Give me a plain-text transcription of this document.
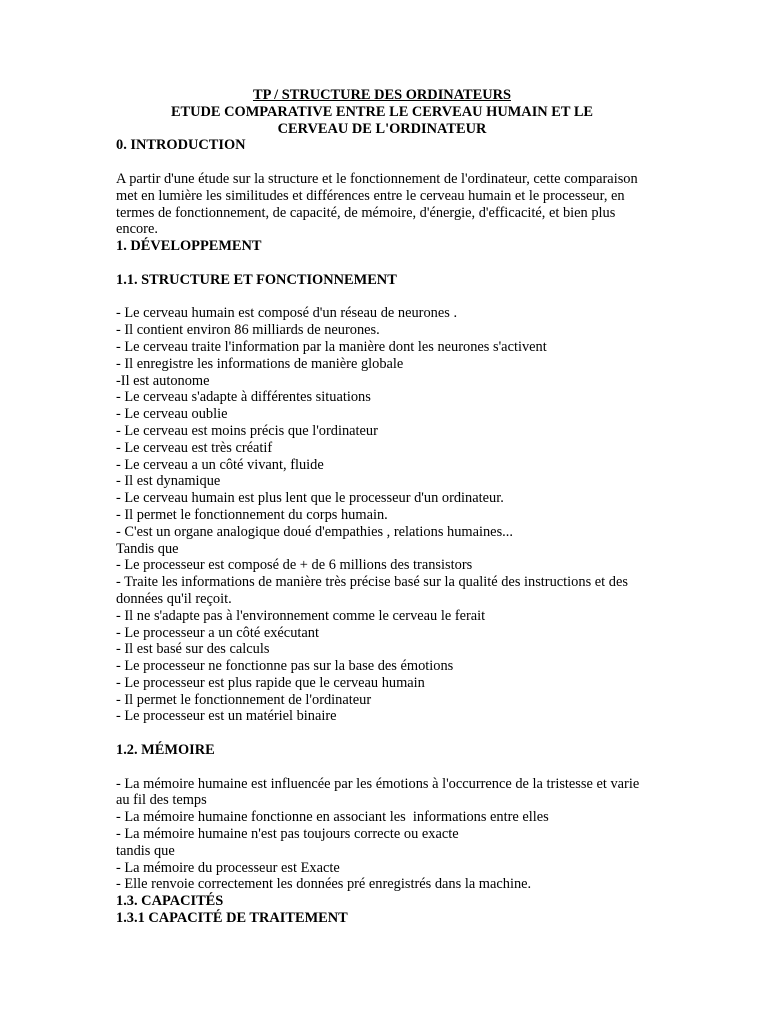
TP / STRUCTURE DES ORDINATEURS
ETUDE COMPARATIVE ENTRE LE CERVEAU HUMAIN ET LE
CERVEAU DE L'ORDINATEUR
0. INTRODUCTION
A partir d'une étude sur la structure et le fonctionnement de l'ordinateur, cette comparaison met en lumière les similitudes et différences entre le cerveau humain et le processeur, en termes de fonctionnement, de capacité, de mémoire, d'énergie, d'efficacité, et bien plus encore.
1. DÉVELOPPEMENT
1.1. STRUCTURE ET FONCTIONNEMENT
- Le cerveau humain est composé d'un réseau de neurones .
- Il contient environ 86 milliards de neurones.
- Le cerveau traite l'information par la manière dont les neurones s'activent
- Il enregistre les informations de manière globale
-Il est autonome
- Le cerveau s'adapte à différentes situations
- Le cerveau oublie
- Le cerveau est moins précis que l'ordinateur
- Le cerveau est très créatif
- Le cerveau a un côté vivant, fluide
- Il est dynamique
- Le cerveau humain est plus lent que le processeur d'un ordinateur.
- Il permet le fonctionnement du corps humain.
- C'est un organe analogique doué d'empathies , relations humaines...
Tandis que
- Le processeur est composé de + de 6 millions des transistors
- Traite les informations de manière très précise basé sur la qualité des instructions et des données qu'il reçoit.
- Il ne s'adapte pas à l'environnement comme le cerveau le ferait
- Le processeur a un côté exécutant
- Il est basé sur des calculs
- Le processeur ne fonctionne pas sur la base des émotions
- Le processeur est plus rapide que le cerveau humain
- Il permet le fonctionnement de l'ordinateur
- Le processeur est un matériel binaire
1.2. MÉMOIRE
- La mémoire humaine est influencée par les émotions à l'occurrence de la tristesse et varie au fil des temps
- La mémoire humaine fonctionne en associant les  informations entre elles
- La mémoire humaine n'est pas toujours correcte ou exacte
tandis que
- La mémoire du processeur est Exacte
- Elle renvoie correctement les données pré enregistrés dans la machine.
1.3. CAPACITÉS
1.3.1 CAPACITÉ DE TRAITEMENT
